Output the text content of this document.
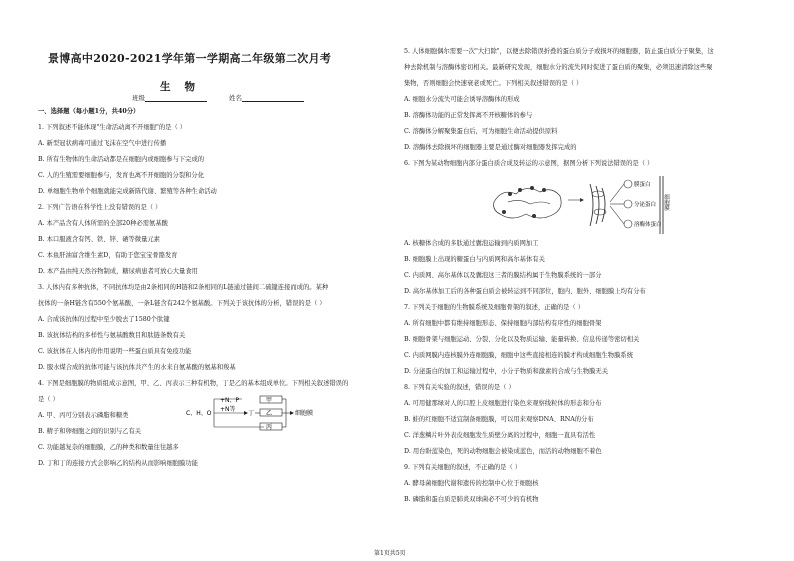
景博高中2020-2021学年第一学期高二年级第二次月考
生物
班级	姓名
一、选择题（每小题1分，共40分）
1. 下列叙述不能体现"生命活动离不开细胞"的是（ ）
A. 新型冠状病毒可通过飞沫在空气中进行传播
B. 所有生物体的生命活动都是在细胞内或细胞参与下完成的
C. 人的生殖需要细胞参与，发育也离不开细胞的分裂和分化
D. 单细胞生物单个细胞就能完成新陈代谢、繁殖等各种生命活动
2. 下列广告语在科学性上没有错误的是（ ）
A. 本产品含有人体所需的全部20种必需氨基酸
B. 本口服液含有钙、铁、锌、硒等微量元素
C. 本鱼肝油富含维生素D，有助于您宝宝骨骼发育
D. 本产品由纯天然谷物制成，糖尿病患者可放心大量食用
3. 人体内有多种抗体，不同抗体均是由2条相同的H链和2条相同的L链通过链间二硫键连接而成的。某种
抗体的一条H链含有550个氨基酸，一条L链含有242个氨基酸。下列关于该抗体的分析，错误的是（ ）
A. 合成该抗体的过程中至少脱去了1580个肽键
B. 该抗体结构的多样性与氨基酸数目和肽链条数有关
C. 该抗体在人体内的作用说明一些蛋白质具有免疫功能
D. 服水煤合成的抗体可能与该抗体共产生的水来自氨基酸的氨基和羧基
4. 下图是细胞膜的物质组成示意图，甲、乙、丙表示三种有机物，丁是乙的基本组成单位。下列相关叙述错误的
是（ ）
A. 甲、丙可分别表示磷脂和糖类
B. 精子和卵细胞之间的识别与乙有关
C. 功能越复杂的细胞膜，乙的种类和数量往往越多
D. 丁和丁的连接方式会影响乙的结构从而影响细胞膜功能
+N、P
C、H、O
+N等
甲
丁 乙
丙
细胞膜
5. 人体细胞偶尔需要一次"大扫除"，以便去除错误折叠的蛋白质分子或损坏的细胞器，防止蛋白质分子聚集，这
种去除机制与溶酶体密切相关。最新研究发现，细胞水分的流失同时促进了蛋白质的聚集，必须迅速清除这些聚
集物，否则细胞会快速衰老或死亡。下列相关叙述错误的是（ ）
A. 细胞水分流失可能会诱导溶酶体的形成
B. 溶酶体功能的正常发挥离不开核糖体的参与
C. 溶酶体分解聚集蛋白后，可为细胞生命活动提供原料
D. 溶酶体去除损坏的细胞器主要是通过酶对细胞器发挥完成的
6. 下图为某动物细胞内部分蛋白质合成及转运的示意图，据图分析下列说法错误的是（ ）
膜蛋白
分泌蛋白
溶酶体蛋白
细胞膜
A. 核糖体合成的多肽通过囊泡运输到内质网加工
B. 细胞膜上出现的糖蛋白与内质网和高尔基体有关
C. 内质网、高尔基体以及囊泡这三者的膜结构属于生物膜系统的一部分
D. 高尔基体加工后的各种蛋白质会被转运到不同部位，胞内、胞外、细胞膜上均有分布
7. 下列关于细胞的生物膜系统及细胞骨架的叙述，正确的是（ ）
A. 所有细胞中都有维持细胞形态、保持细胞内部结构有序性的细胞骨架
B. 细胞骨架与细胞运动、分裂、分化以及物质运输、能量转换、信息传递等密切相关
C. 内质网膜内连核膜外连细胞膜，细胞中这些直接相连的膜才构成细胞生物膜系统
D. 分泌蛋白的加工和运输过程中，小分子物质和激素的合成与生物膜无关
8. 下列有关实验的叙述，错误的是（ ）
A. 可用健那绿对人的口腔上皮细胞进行染色来观察线粒体的形态和分布
B. 蛙的红细胞不适宜制备细胞膜，可以用来观察DNA、RNA的分布
C. 洋葱鳞片叶外表皮细胞发生质壁分离的过程中，细胞一直具有活性
D. 用台盼蓝染色，死的动物细胞会被染成蓝色，而活的动物细胞不着色
9. 下列有关细胞的叙述，不正确的是（ ）
A. 酵母菌细胞代谢和遗传的控制中心位于细胞核
B. 磷脂和蛋白质是肺炎双球菌必不可少的有机物
第1页共5页
